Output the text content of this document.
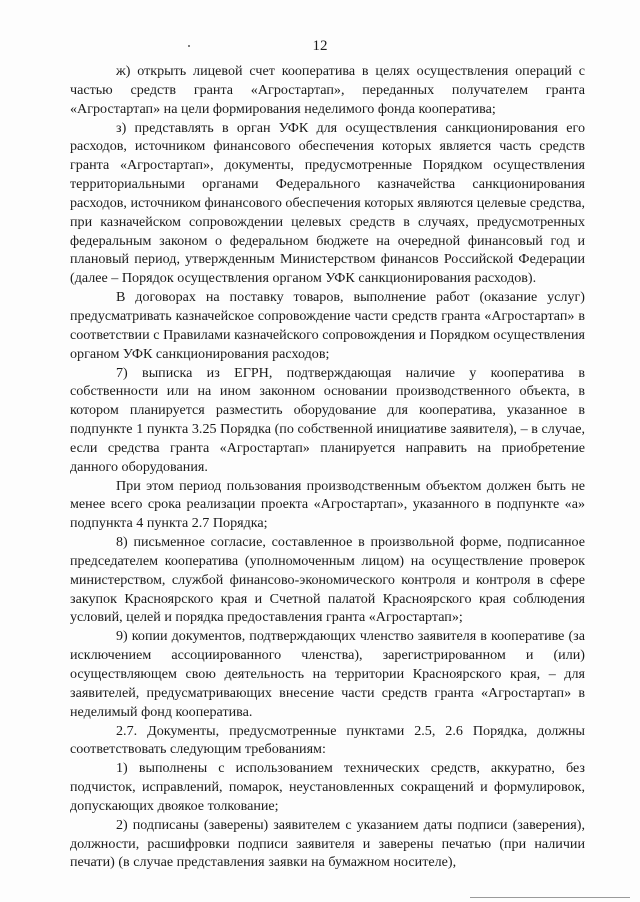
12

ж) открыть лицевой счет кооператива в целях осуществления операций с частью средств гранта «Агростартап», переданных получателем гранта «Агростартап» на цели формирования неделимого фонда кооператива;

з) представлять в орган УФК для осуществления санкционирования его расходов, источником финансового обеспечения которых является часть средств гранта «Агростартап», документы, предусмотренные Порядком осуществления территориальными органами Федерального казначейства санкционирования расходов, источником финансового обеспечения которых являются целевые средства, при казначейском сопровождении целевых средств в случаях, предусмотренных федеральным законом о федеральном бюджете на очередной финансовый год и плановый период, утвержденным Министерством финансов Российской Федерации (далее – Порядок осуществления органом УФК санкционирования расходов).

В договорах на поставку товаров, выполнение работ (оказание услуг) предусматривать казначейское сопровождение части средств гранта «Агростартап» в соответствии с Правилами казначейского сопровождения и Порядком осуществления органом УФК санкционирования расходов;

7) выписка из ЕГРН, подтверждающая наличие у кооператива в собственности или на ином законном основании производственного объекта, в котором планируется разместить оборудование для кооператива, указанное в подпункте 1 пункта 3.25 Порядка (по собственной инициативе заявителя), – в случае, если средства гранта «Агростартап» планируется направить на приобретение данного оборудования.

При этом период пользования производственным объектом должен быть не менее всего срока реализации проекта «Агростартап», указанного в подпункте «а» подпункта 4 пункта 2.7 Порядка;

8) письменное согласие, составленное в произвольной форме, подписанное председателем кооператива (уполномоченным лицом) на осуществление проверок министерством, службой финансово-экономического контроля и контроля в сфере закупок Красноярского края и Счетной палатой Красноярского края соблюдения условий, целей и порядка предоставления гранта «Агростартап»;

9) копии документов, подтверждающих членство заявителя в кооперативе (за исключением ассоциированного членства), зарегистрированном и (или) осуществляющем свою деятельность на территории Красноярского края, – для заявителей, предусматривающих внесение части средств гранта «Агростартап» в неделимый фонд кооператива.

2.7. Документы, предусмотренные пунктами 2.5, 2.6 Порядка, должны соответствовать следующим требованиям:

1) выполнены с использованием технических средств, аккуратно, без подчисток, исправлений, помарок, неустановленных сокращений и формулировок, допускающих двоякое толкование;

2) подписаны (заверены) заявителем с указанием даты подписи (заверения), должности, расшифровки подписи заявителя и заверены печатью (при наличии печати) (в случае представления заявки на бумажном носителе),
